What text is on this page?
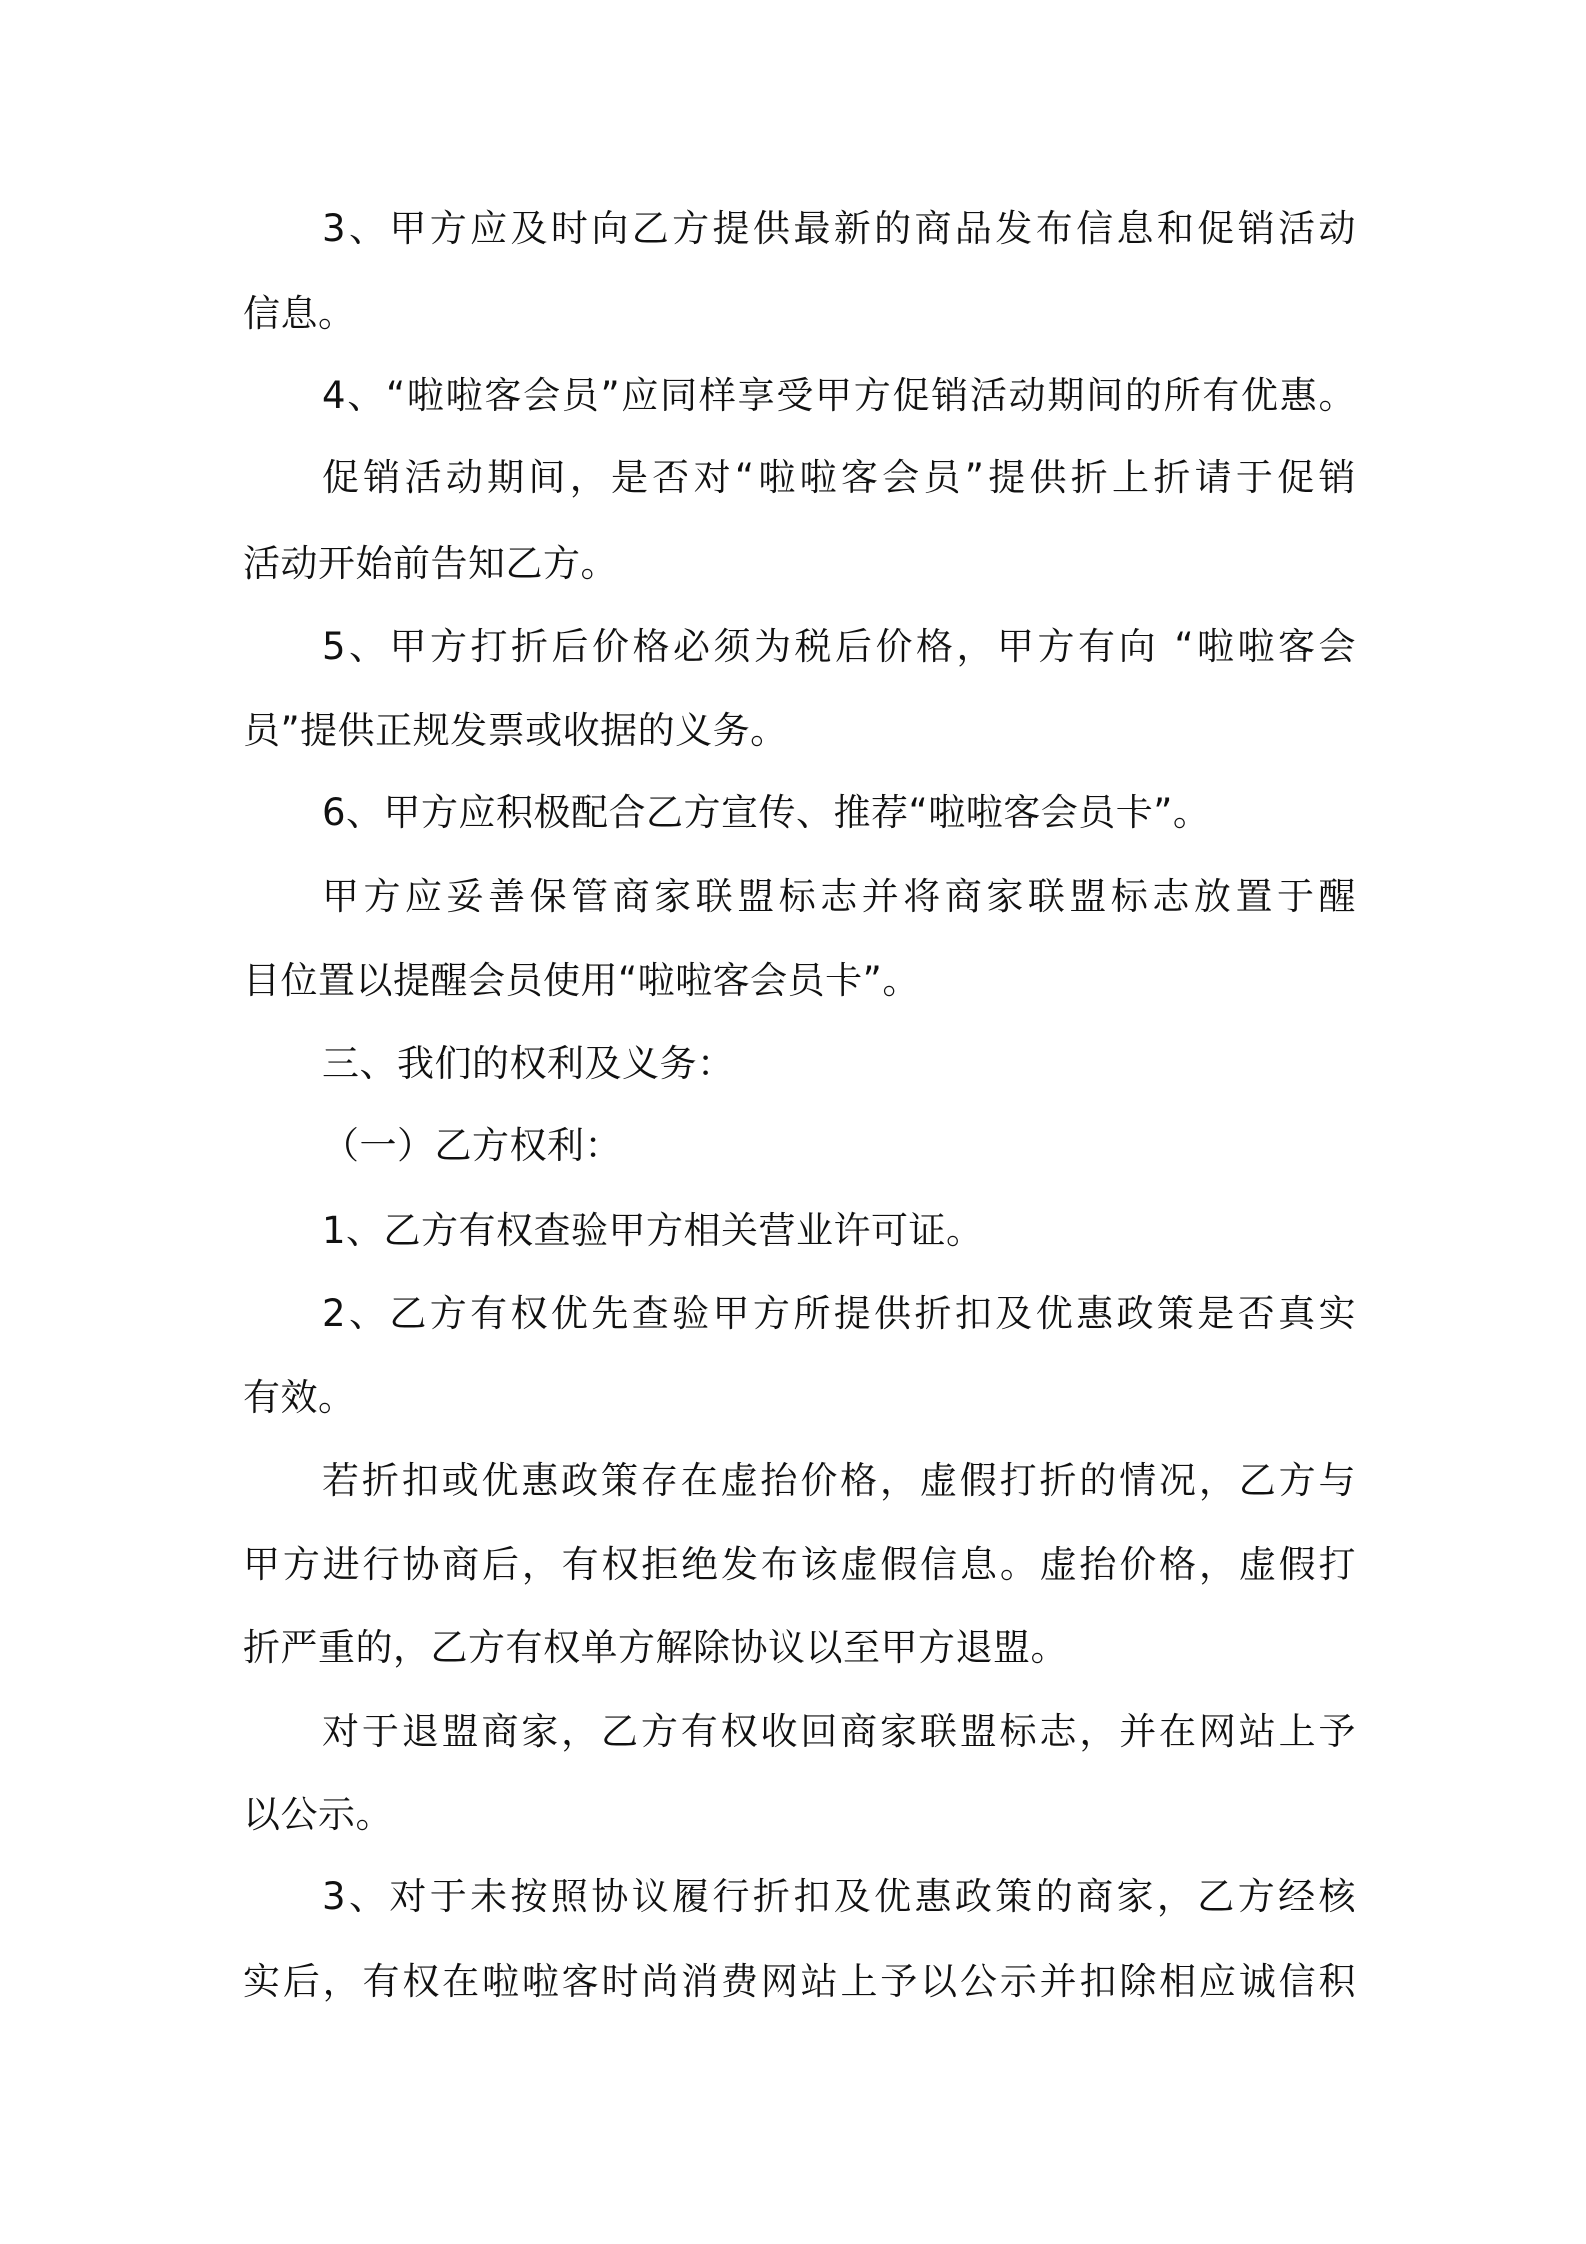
3、甲方应及时向乙方提供最新的商品发布信息和促销活动

信息。

4、“啦啦客会员”应同样享受甲方促销活动期间的所有优惠。

促销活动期间，是否对“啦啦客会员”提供折上折请于促销

活动开始前告知乙方。

5、甲方打折后价格必须为税后价格，甲方有向 “啦啦客会

员”提供正规发票或收据的义务。

6、甲方应积极配合乙方宣传、推荐“啦啦客会员卡”。

甲方应妥善保管商家联盟标志并将商家联盟标志放置于醒

目位置以提醒会员使用“啦啦客会员卡”。

三、我们的权利及义务：

（一）乙方权利：

1、乙方有权查验甲方相关营业许可证。

2、乙方有权优先查验甲方所提供折扣及优惠政策是否真实

有效。

若折扣或优惠政策存在虚抬价格，虚假打折的情况，乙方与

甲方进行协商后，有权拒绝发布该虚假信息。虚抬价格，虚假打

折严重的，乙方有权单方解除协议以至甲方退盟。

对于退盟商家，乙方有权收回商家联盟标志，并在网站上予

以公示。

3、对于未按照协议履行折扣及优惠政策的商家，乙方经核

实后，有权在啦啦客时尚消费网站上予以公示并扣除相应诚信积
